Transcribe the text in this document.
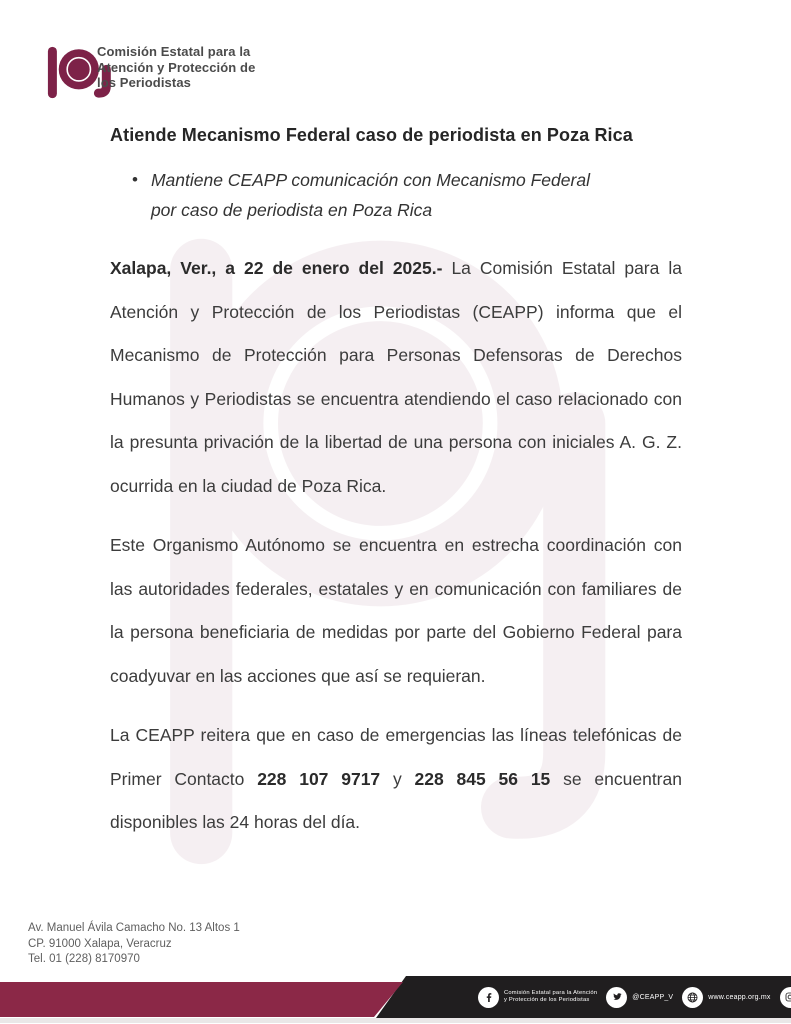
Comisión Estatal para la
Atención y Protección de
los Periodistas
Atiende Mecanismo Federal caso de periodista en Poza Rica
• Mantiene CEAPP comunicación con Mecanismo Federal por caso de periodista en Poza Rica

Xalapa, Ver., a 22 de enero del 2025.- La Comisión Estatal para la Atención y Protección de los Periodistas (CEAPP) informa que el Mecanismo de Protección para Personas Defensoras de Derechos Humanos y Periodistas se encuentra atendiendo el caso relacionado con la presunta privación de la libertad de una persona con iniciales A. G. Z. ocurrida en la ciudad de Poza Rica.

Este Organismo Autónomo se encuentra en estrecha coordinación con las autoridades federales, estatales y en comunicación con familiares de la persona beneficiaria de medidas por parte del Gobierno Federal para coadyuvar en las acciones que así se requieran.

La CEAPP reitera que en caso de emergencias las líneas telefónicas de Primer Contacto 228 107 9717 y 228 845 56 15 se encuentran disponibles las 24 horas del día.

Av. Manuel Ávila Camacho No. 13 Altos 1
CP. 91000 Xalapa, Veracruz
Tel. 01 (228) 8170970
Comisión Estatal para la Atención
y Protección de los Periodistas	@CEAPP_V	www.ceapp.org.mx
